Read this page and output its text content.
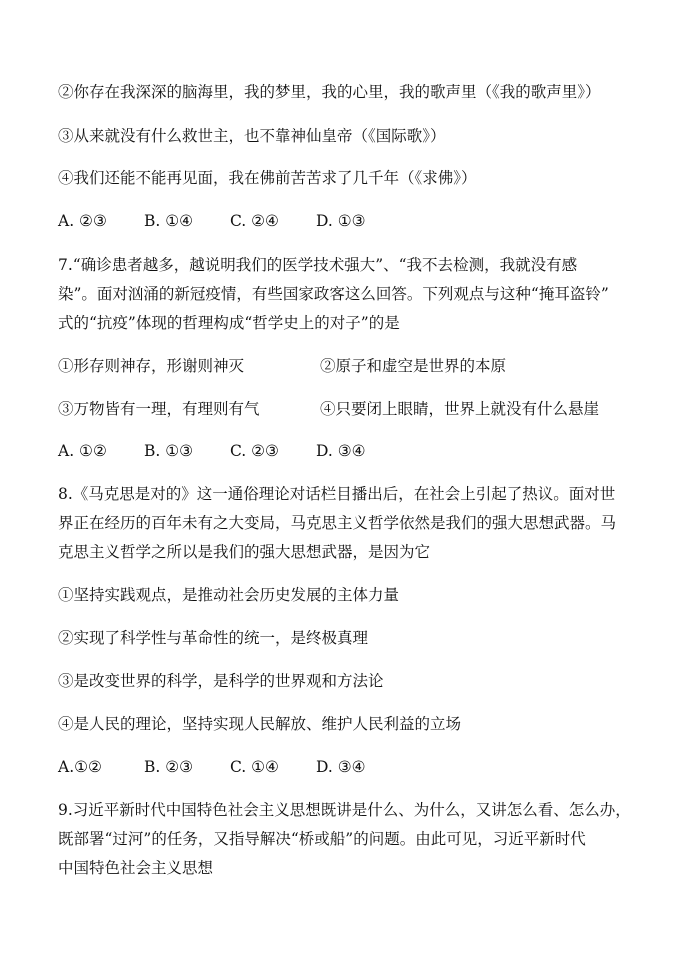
②你存在我深深的脑海里，我的梦里，我的心里，我的歌声里（《我的歌声里》）
③从来就没有什么救世主，也不靠神仙皇帝（《国际歌》）
④我们还能不能再见面，我在佛前苦苦求了几千年（《求佛》）
A. ②③	B. ①④	C. ②④	D. ①③
7.“确诊患者越多，越说明我们的医学技术强大”、“我不去检测，我就没有感
染”。面对汹涌的新冠疫情，有些国家政客这么回答。下列观点与这种“掩耳盗铃”
式的“抗疫”体现的哲理构成“哲学史上的对子”的是
①形存则神存，形谢则神灭	②原子和虚空是世界的本原
③万物皆有一理，有理则有气	④只要闭上眼睛，世界上就没有什么悬崖
A. ①②	B. ①③	C. ②③	D. ③④
8.《马克思是对的》这一通俗理论对话栏目播出后，在社会上引起了热议。面对世
界正在经历的百年未有之大变局，马克思主义哲学依然是我们的强大思想武器。马
克思主义哲学之所以是我们的强大思想武器，是因为它
①坚持实践观点，是推动社会历史发展的主体力量
②实现了科学性与革命性的统一，是终极真理
③是改变世界的科学，是科学的世界观和方法论
④是人民的理论，坚持实现人民解放、维护人民利益的立场
A.①②	B. ②③	C. ①④	D. ③④
9.习近平新时代中国特色社会主义思想既讲是什么、为什么，又讲怎么看、怎么办，
既部署“过河”的任务，又指导解决“桥或船”的问题。由此可见，习近平新时代
中国特色社会主义思想
